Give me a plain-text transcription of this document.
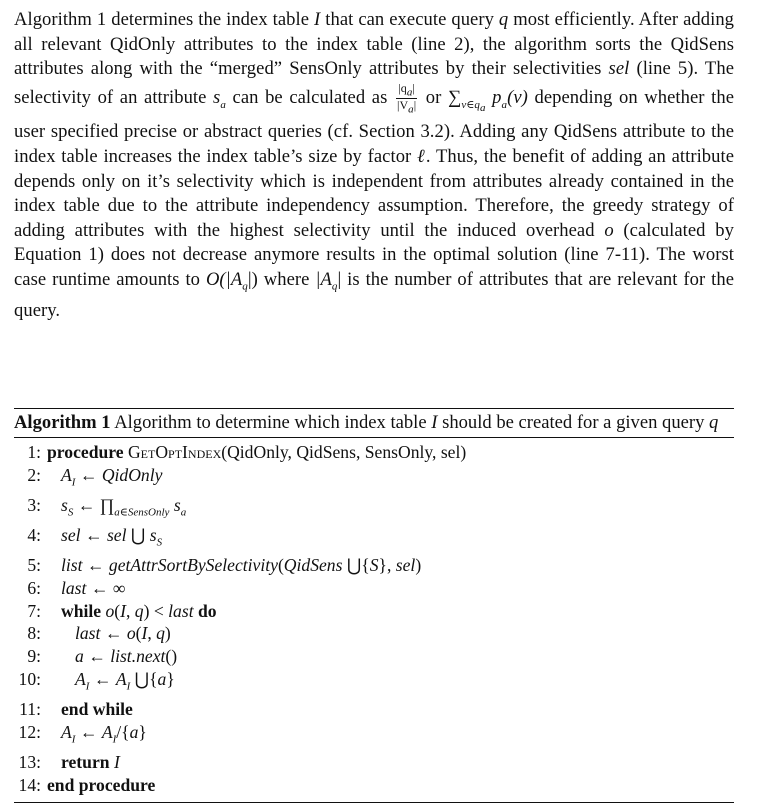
Algorithm 1 determines the index table I that can execute query q most efficiently. After adding all relevant QidOnly attributes to the index table (line 2), the algorithm sorts the QidSens attributes along with the “merged” SensOnly attributes by their selectivities sel (line 5). The selectivity of an attribute $s_a$ can be calculated as $\frac{|q_a|}{|V_a|}$ or $\sum_{v\in q_a}$ $p_a(v)$ depending on whether the user specified precise or abstract queries (cf. Section 3.2). Adding any QidSens attribute to the index table increases the index table’s size by factor ℓ. Thus, the benefit of adding an attribute depends only on it’s selectivity which is independent from attributes already contained in the index table due to the attribute independency assumption. Therefore, the greedy strategy of adding attributes with the highest selectivity until the induced overhead o (calculated by Equation 1) does not decrease anymore results in the optimal solution (line 7-11). The worst case runtime amounts to $O(|A_q|)$ where $|A_q|$ is the number of attributes that are relevant for the query.

Algorithm 1 Algorithm to determine which index table I should be created for a given query q

1: procedure GetOptIndex(QidOnly, QidSens, SensOnly, sel)
2:	$A_I$ ← QidOnly
3:	$s_S$ ← $\prod_{a\in SensOnly}$ $s_a$
4:	sel ← sel ⋃ $s_S$
5:	list ← getAttrSortBySelectivity(QidSens ⋃{S}, sel)
6:	last ← ∞
7:	while o(I, q) < last do
8:	last ← o(I, q)
9:	a ← list.next()
10:	$A_I$ ← $A_I$ ⋃{a}
11:	end while
12:	$A_I$ ← $A_I/\{a\}$
13:	return I
14: end procedure
